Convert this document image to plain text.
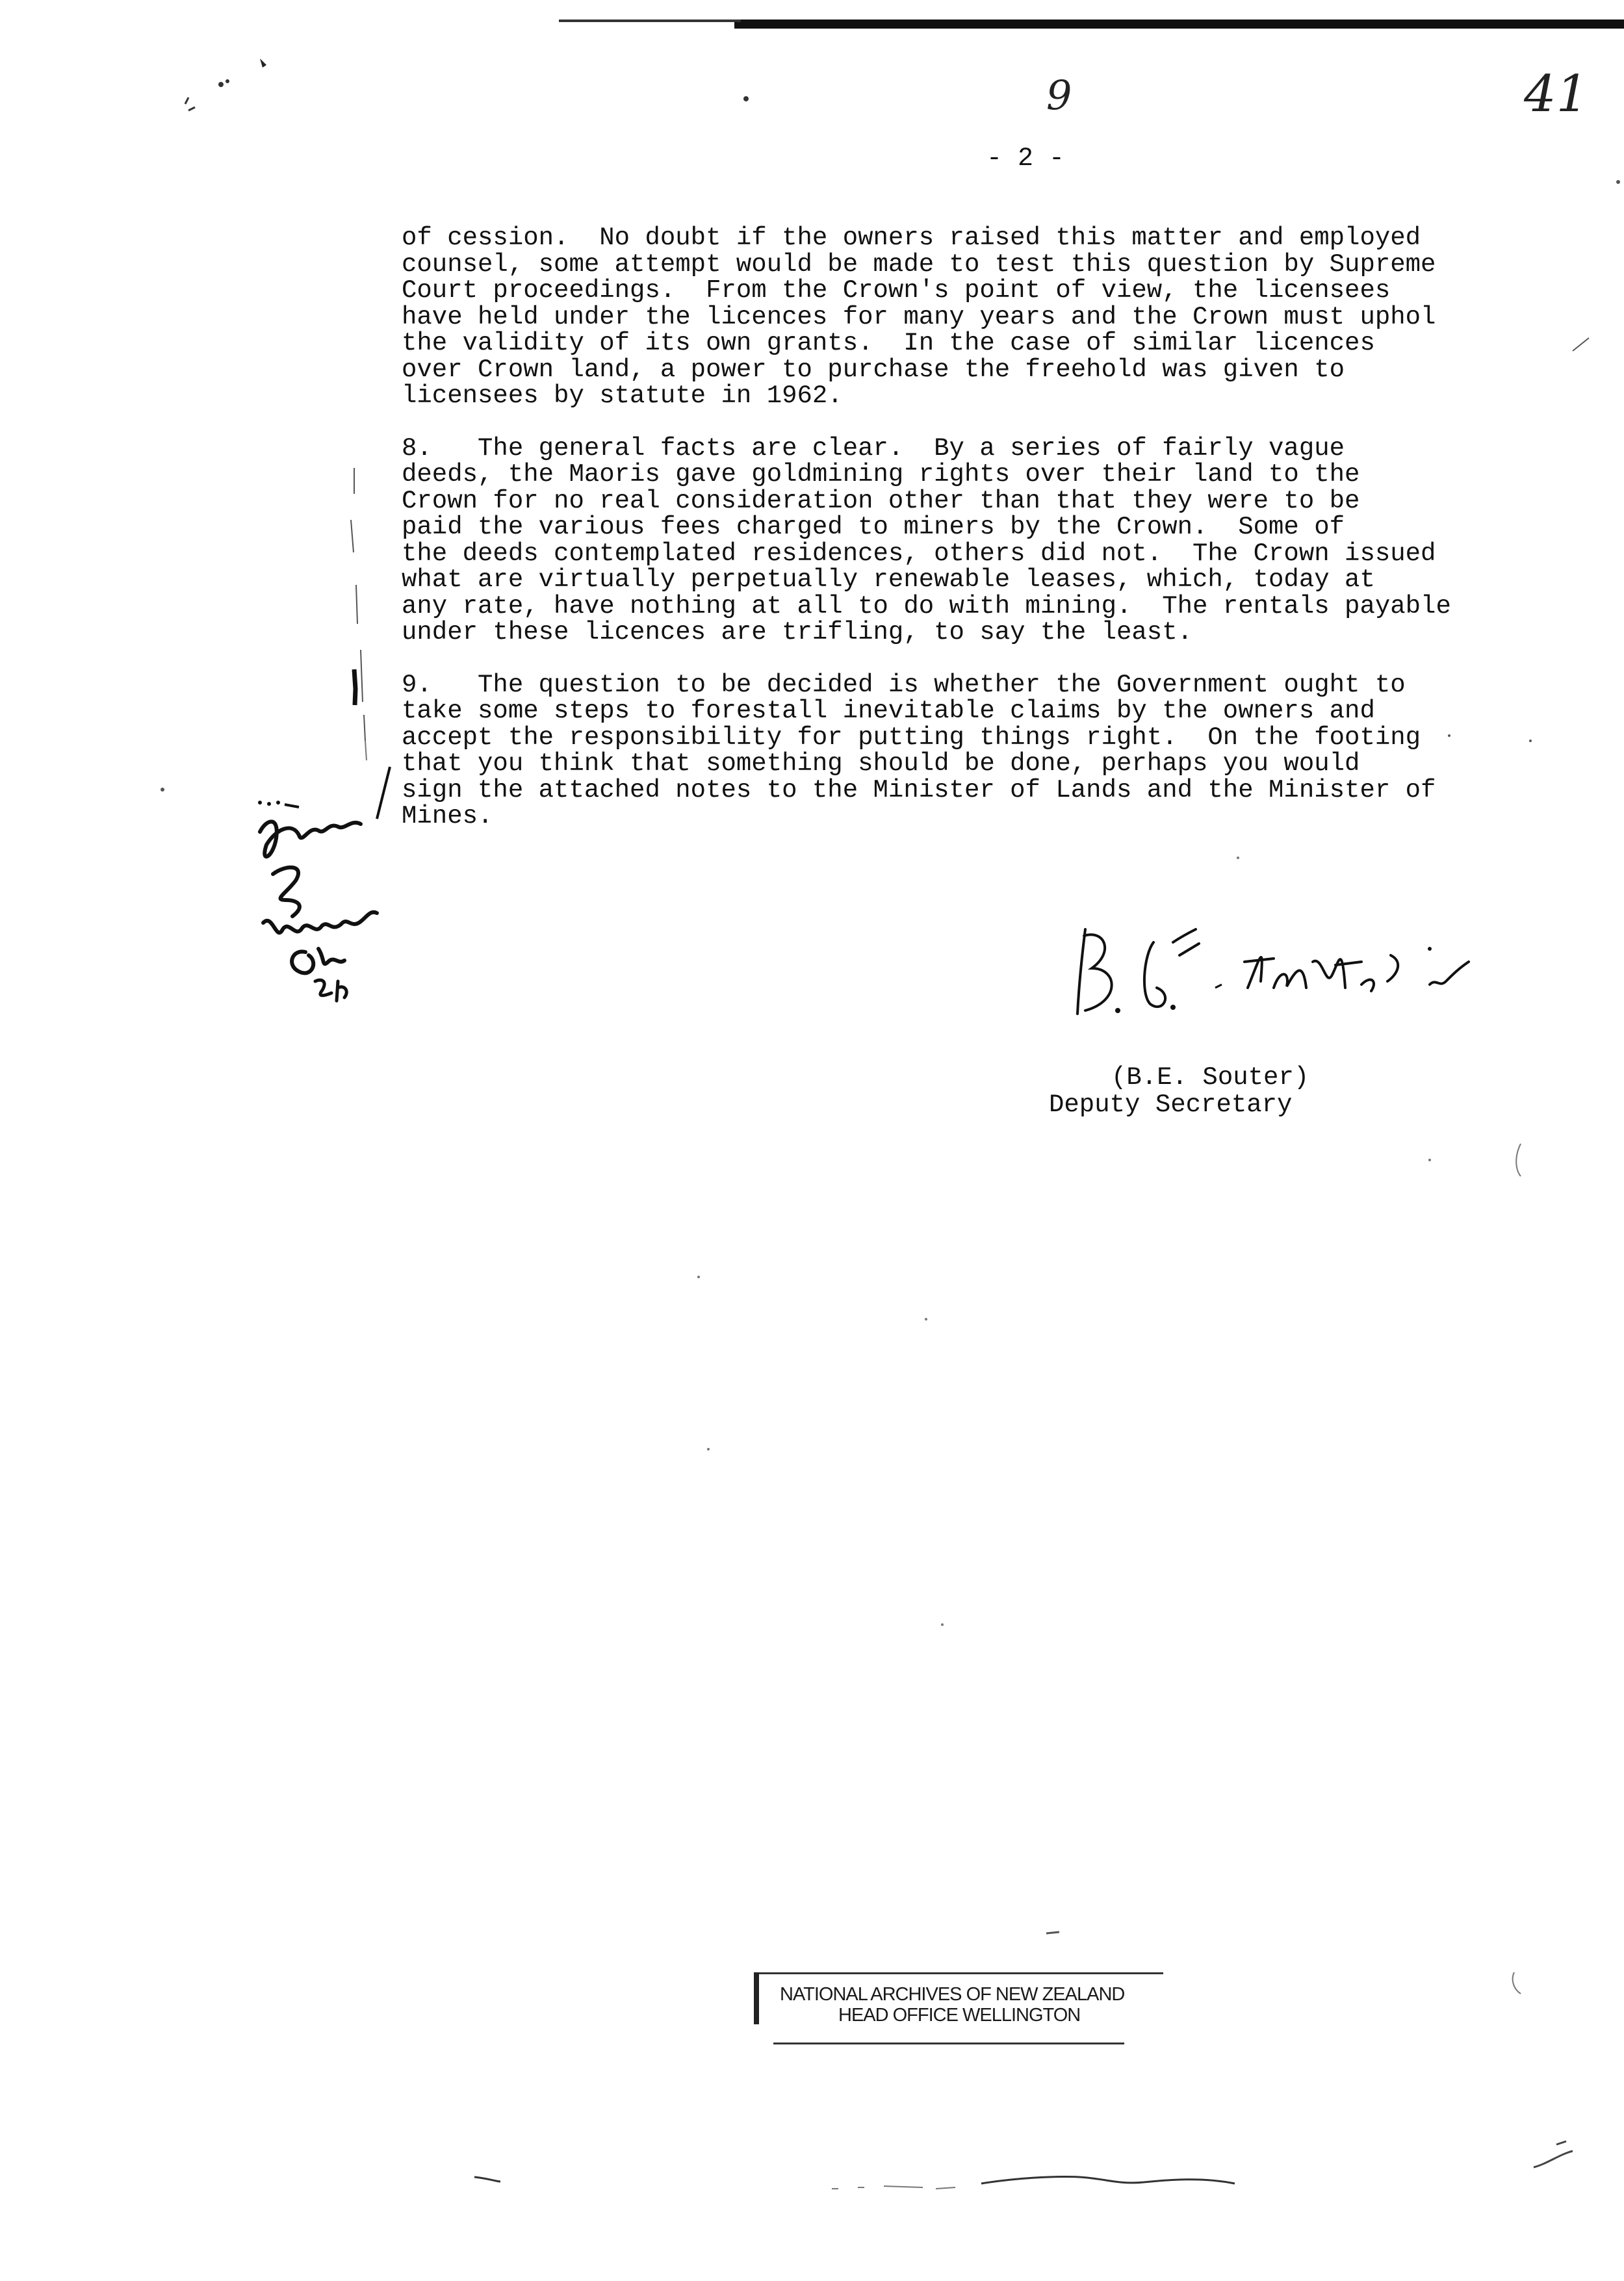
9	41
- 2 -
of cession.  No doubt if the owners raised this matter and employed
counsel, some attempt would be made to test this question by Supreme
Court proceedings.  From the Crown's point of view, the licensees
have held under the licences for many years and the Crown must uphol
the validity of its own grants.  In the case of similar licences
over Crown land, a power to purchase the freehold was given to
licensees by statute in 1962.
8.   The general facts are clear.  By a series of fairly vague
deeds, the Maoris gave goldmining rights over their land to the
Crown for no real consideration other than that they were to be
paid the various fees charged to miners by the Crown.  Some of
the deeds contemplated residences, others did not.  The Crown issued
what are virtually perpetually renewable leases, which, today at
any rate, have nothing at all to do with mining.  The rentals payable
under these licences are trifling, to say the least.
9.   The question to be decided is whether the Government ought to
take some steps to forestall inevitable claims by the owners and
accept the responsibility for putting things right.  On the footing
that you think that something should be done, perhaps you would
sign the attached notes to the Minister of Lands and the Minister of
Mines.
(B.E. Souter)
Deputy Secretary
NATIONAL ARCHIVES OF NEW ZEALAND
HEAD OFFICE WELLINGTON
